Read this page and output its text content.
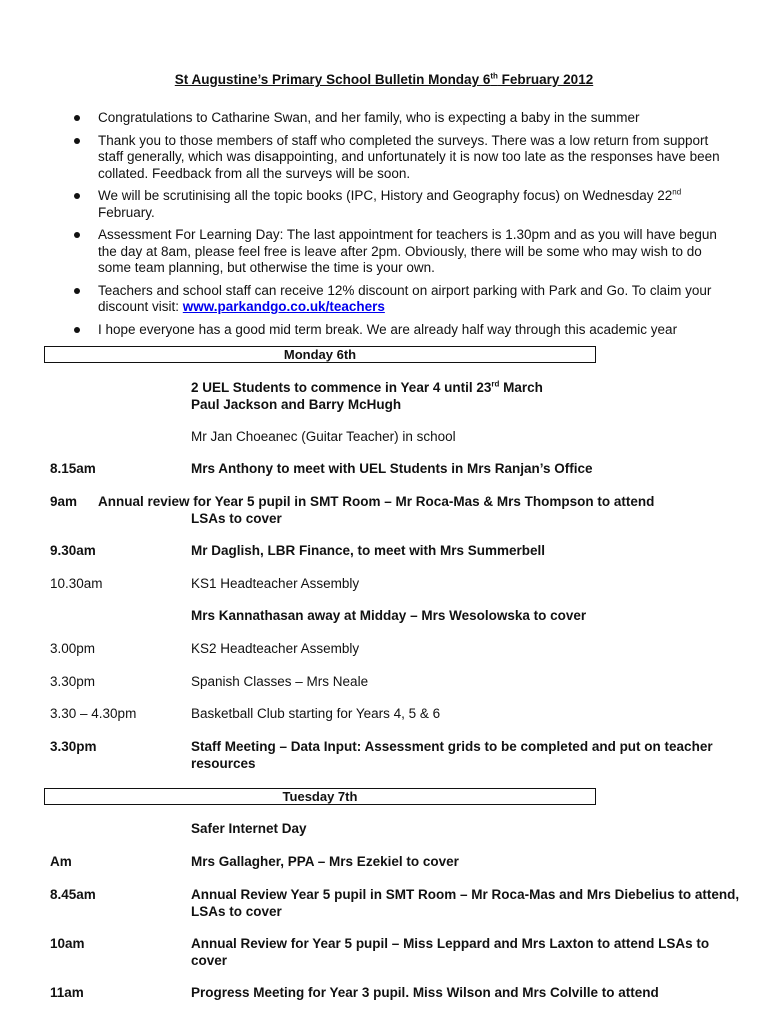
St Augustine’s Primary School Bulletin Monday 6th February 2012
Congratulations to Catharine Swan, and her family, who is expecting a baby in the summer
Thank you to those members of staff who completed the surveys. There was a low return from support staff generally, which was disappointing, and unfortunately it is now too late as the responses have been collated. Feedback from all the surveys will be soon.
We will be scrutinising all the topic books (IPC, History and Geography focus) on Wednesday 22nd February.
Assessment For Learning Day: The last appointment for teachers is 1.30pm and as you will have begun the day at 8am, please feel free is leave after 2pm. Obviously, there will be some who may wish to do some team planning, but otherwise the time is your own.
Teachers and school staff can receive 12% discount on airport parking with Park and Go. To claim your discount visit: www.parkandgo.co.uk/teachers
I hope everyone has a good mid term break. We are already half way through this academic year
Monday 6th
2 UEL Students to commence in Year 4 until 23rd March
Paul Jackson and Barry McHugh
Mr Jan Choeanec (Guitar Teacher) in school
8.15am	Mrs Anthony to meet with UEL Students in Mrs Ranjan’s Office
9am	Annual review for Year 5 pupil in SMT Room – Mr Roca-Mas & Mrs Thompson to attend
LSAs to cover
9.30am	Mr Daglish, LBR Finance, to meet with Mrs Summerbell
10.30am	KS1 Headteacher Assembly
Mrs Kannathasan away at Midday – Mrs Wesolowska to cover
3.00pm	KS2 Headteacher Assembly
3.30pm	Spanish Classes – Mrs Neale
3.30 – 4.30pm	Basketball Club starting for Years 4, 5 & 6
3.30pm	Staff Meeting – Data Input: Assessment grids to be completed and put on teacher resources
Tuesday 7th
Safer Internet Day
Am	Mrs Gallagher, PPA – Mrs Ezekiel to cover
8.45am	Annual Review Year 5 pupil in SMT Room – Mr Roca-Mas and Mrs Diebelius to attend, LSAs to cover
10am	Annual Review for Year 5 pupil – Miss Leppard and Mrs Laxton to attend LSAs to cover
11am	Progress Meeting for Year 3 pupil. Miss Wilson and Mrs Colville to attend
